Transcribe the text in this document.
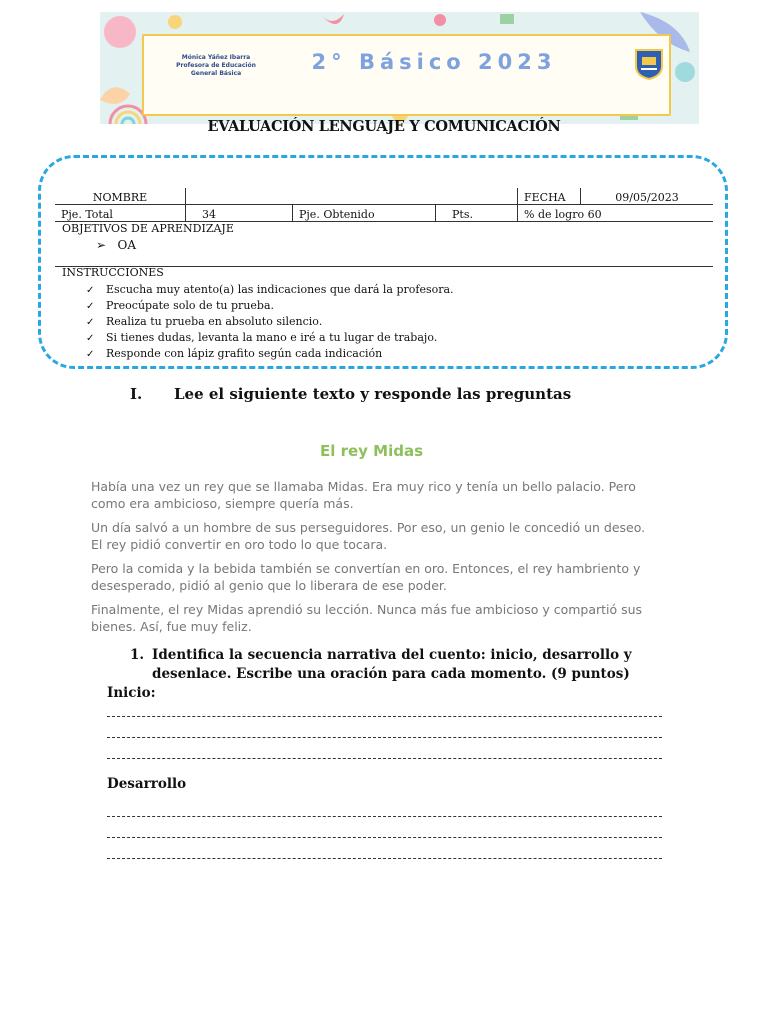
Mónica Yáñez Ibarra
Profesora de Educación
General Básica	2° Básico 2023
EVALUACIÓN LENGUAJE Y COMUNICACIÓN
NOMBRE				FECHA	09/05/2023
Pje. Total	34	Pje. Obtenido	Pts.	% de logro 60	
OBJETIVOS DE APRENDIZAJE
➢   OA
INSTRUCCIONES
✓ Escucha muy atento(a) las indicaciones que dará la profesora.
✓ Preocúpate solo de tu prueba.
✓ Realiza tu prueba en absoluto silencio.
✓ Si tienes dudas, levanta la mano e iré a tu lugar de trabajo.
✓ Responde con lápiz grafito según cada indicación
I. Lee el siguiente texto y responde las preguntas
El rey Midas
Había una vez un rey que se llamaba Midas. Era muy rico y tenía un bello palacio. Pero como era ambicioso, siempre quería más.
Un día salvó a un hombre de sus perseguidores. Por eso, un genio le concedió un deseo. El rey pidió convertir en oro todo lo que tocara.
Pero la comida y la bebida también se convertían en oro. Entonces, el rey hambriento y desesperado, pidió al genio que lo liberara de ese poder.
Finalmente, el rey Midas aprendió su lección. Nunca más fue ambicioso y compartió sus bienes. Así, fue muy feliz.
1. Identifica la secuencia narrativa del cuento: inicio, desarrollo y desenlace. Escribe una oración para cada momento. (9 puntos)
Inicio:
Desarrollo
